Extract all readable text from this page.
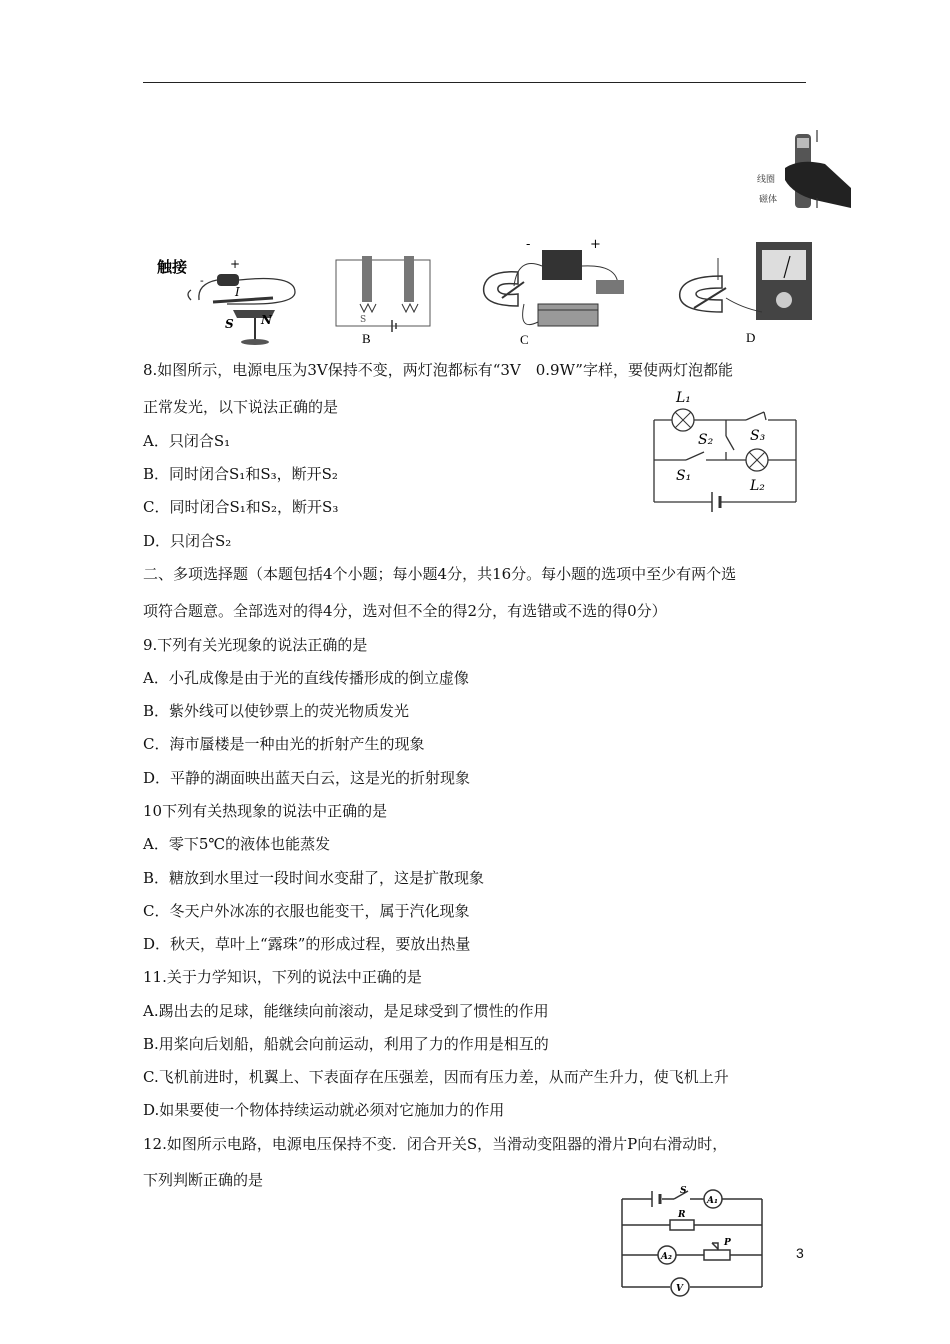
线圈
磁体
触接
-
+
I
S N	S
B
-	+
C	D
8.如图所示，电源电压为3V保持不变，两灯泡都标有“3V　0.9W”字样，要使两灯泡都能
正常发光，以下说法正确的是
A．只闭合S₁
B．同时闭合S₁和S₃，断开S₂
C．同时闭合S₁和S₂，断开S₃
D．只闭合S₂
L₁
L₂
S₁
S₂	S₃
二、多项选择题（本题包括4个小题；每小题4分，共16分。每小题的选项中至少有两个选
项符合题意。全部选对的得4分，选对但不全的得2分，有选错或不选的得0分）
9.下列有关光现象的说法正确的是
A．小孔成像是由于光的直线传播形成的倒立虚像
B．紫外线可以使钞票上的荧光物质发光
C．海市蜃楼是一种由光的折射产生的现象
D．平静的湖面映出蓝天白云，这是光的折射现象
10下列有关热现象的说法中正确的是
A．零下5℃的液体也能蒸发
B．糖放到水里过一段时间水变甜了，这是扩散现象
C．冬天户外冰冻的衣服也能变干，属于汽化现象
D．秋天，草叶上“露珠”的形成过程，要放出热量
11.关于力学知识，下列的说法中正确的是
A.踢出去的足球，能继续向前滚动，是足球受到了惯性的作用
B.用桨向后划船，船就会向前运动，利用了力的作用是相互的
C.飞机前进时，机翼上、下表面存在压强差，因而有压力差，从而产生升力，使飞机上升
D.如果要使一个物体持续运动就必须对它施加力的作用
12.如图所示电路，电源电压保持不变．闭合开关S，当滑动变阻器的滑片P向右滑动时，
下列判断正确的是
S
A₁
R
A₂
P
V
3
